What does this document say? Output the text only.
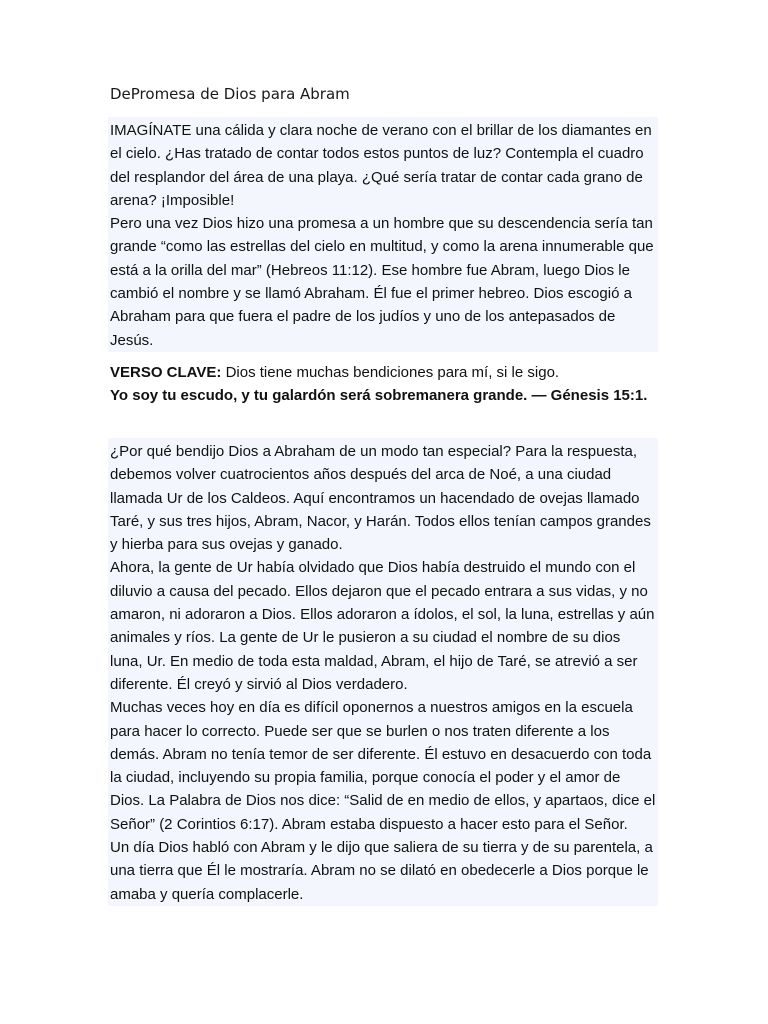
DePromesa de Dios para Abram

IMAGÍNATE una cálida y clara noche de verano con el brillar de los diamantes en el cielo. ¿Has tratado de contar todos estos puntos de luz? Contempla el cuadro del resplandor del área de una playa. ¿Qué sería tratar de contar cada grano de arena? ¡Imposible!

Pero una vez Dios hizo una promesa a un hombre que su descendencia sería tan grande “como las estrellas del cielo en multitud, y como la arena innumerable que está a la orilla del mar” (Hebreos 11:12). Ese hombre fue Abram, luego Dios le cambió el nombre y se llamó Abraham. Él fue el primer hebreo. Dios escogió a Abraham para que fuera el padre de los judíos y uno de los antepasados de Jesús.

VERSO CLAVE: Dios tiene muchas bendiciones para mí, si le sigo.

Yo soy tu escudo, y tu galardón será sobremanera grande. — Génesis 15:1.

¿Por qué bendijo Dios a Abraham de un modo tan especial? Para la respuesta, debemos volver cuatrocientos años después del arca de Noé, a una ciudad llamada Ur de los Caldeos. Aquí encontramos un hacendado de ovejas llamado Taré, y sus tres hijos, Abram, Nacor, y Harán. Todos ellos tenían campos grandes y hierba para sus ovejas y ganado.

Ahora, la gente de Ur había olvidado que Dios había destruido el mundo con el diluvio a causa del pecado. Ellos dejaron que el pecado entrara a sus vidas, y no amaron, ni adoraron a Dios. Ellos adoraron a ídolos, el sol, la luna, estrellas y aún animales y ríos. La gente de Ur le pusieron a su ciudad el nombre de su dios luna, Ur. En medio de toda esta maldad, Abram, el hijo de Taré, se atrevió a ser diferente. Él creyó y sirvió al Dios verdadero.

Muchas veces hoy en día es difícil oponernos a nuestros amigos en la escuela para hacer lo correcto. Puede ser que se burlen o nos traten diferente a los demás. Abram no tenía temor de ser diferente. Él estuvo en desacuerdo con toda la ciudad, incluyendo su propia familia, porque conocía el poder y el amor de Dios. La Palabra de Dios nos dice: “Salid de en medio de ellos, y apartaos, dice el Señor” (2 Corintios 6:17). Abram estaba dispuesto a hacer esto para el Señor.

Un día Dios habló con Abram y le dijo que saliera de su tierra y de su parentela, a una tierra que Él le mostraría. Abram no se dilató en obedecerle a Dios porque le amaba y quería complacerle.
